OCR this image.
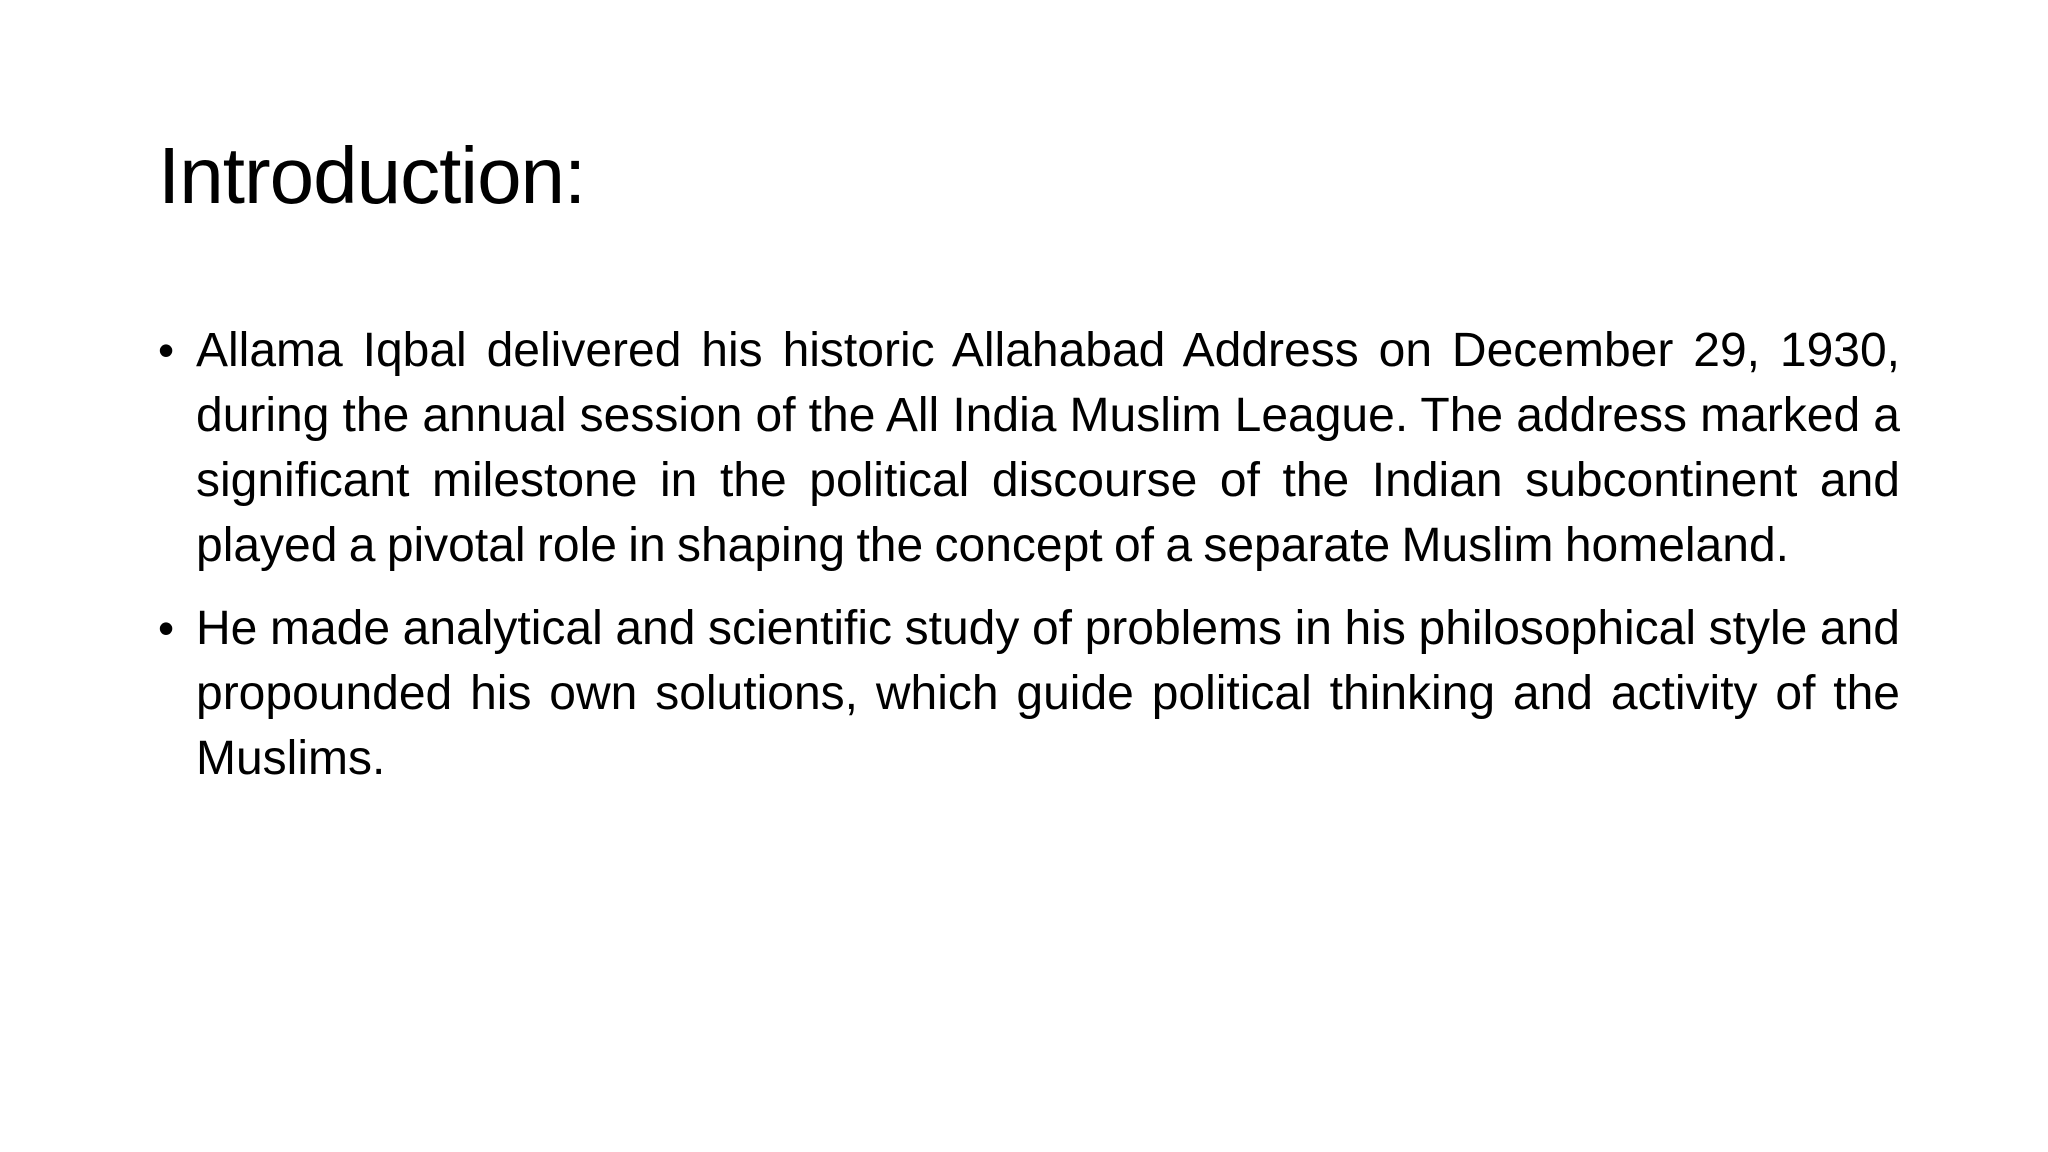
Introduction:
• Allama Iqbal delivered his historic Allahabad Address on December 29, 1930, during the annual session of the All India Muslim League. The address marked a significant milestone in the political discourse of the Indian subcontinent and played a pivotal role in shaping the concept of a separate Muslim homeland.
• He made analytical and scientific study of problems in his philosophical style and propounded his own solutions, which guide political thinking and activity of the Muslims.
